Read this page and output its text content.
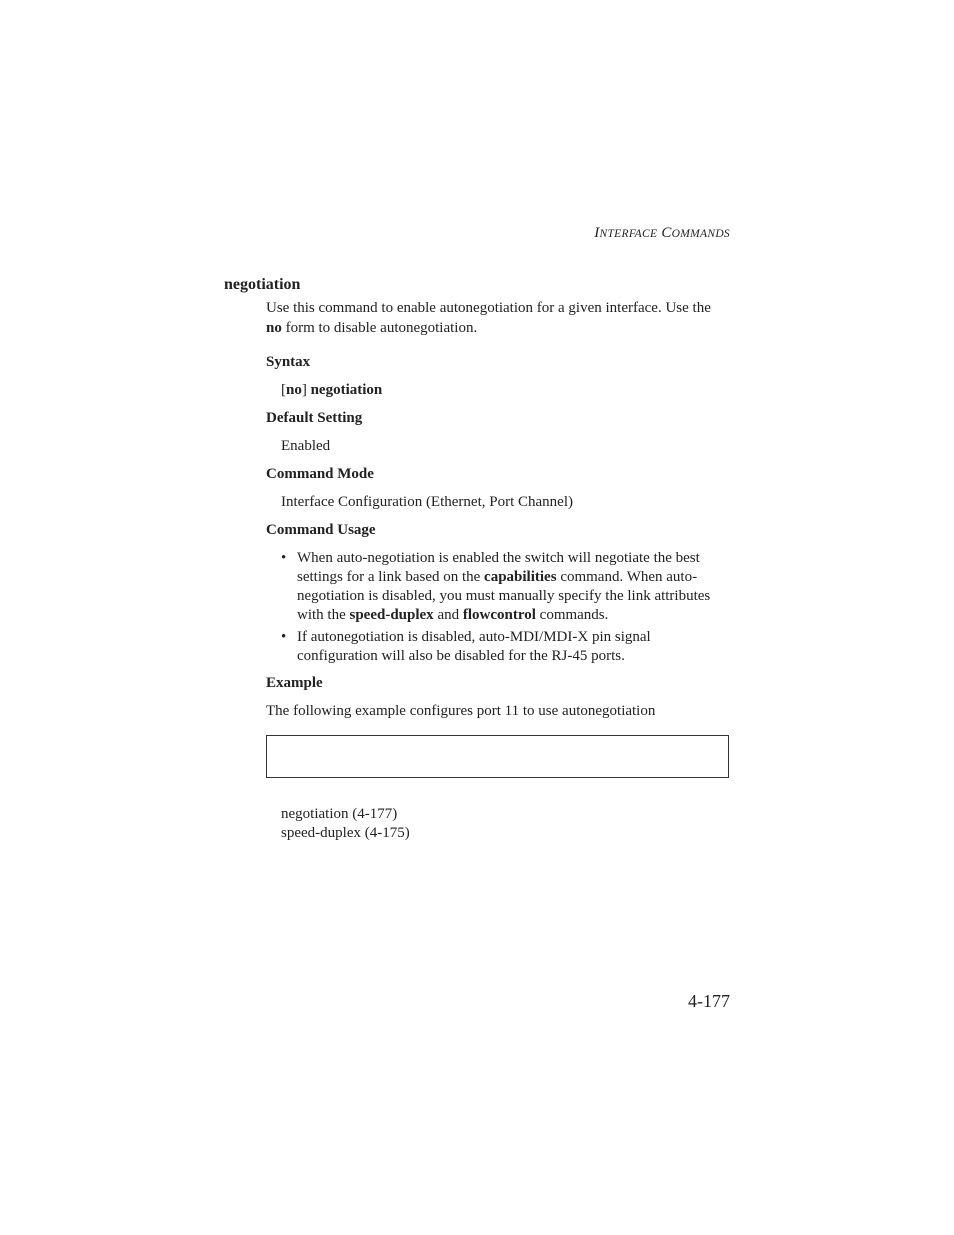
INTERFACE COMMANDS
negotiation
Use this command to enable autonegotiation for a given interface. Use the
no form to disable autonegotiation.
Syntax
[no] negotiation
Default Setting
Enabled
Command Mode
Interface Configuration (Ethernet, Port Channel)
Command Usage
• When auto-negotiation is enabled the switch will negotiate the best settings for a link based on the capabilities command. When auto-negotiation is disabled, you must manually specify the link attributes with the speed-duplex and flowcontrol commands.
• If autonegotiation is disabled, auto-MDI/MDI-X pin signal configuration will also be disabled for the RJ-45 ports.
Example
The following example configures port 11 to use autonegotiation
negotiation (4-177)
speed-duplex (4-175)
4-177
